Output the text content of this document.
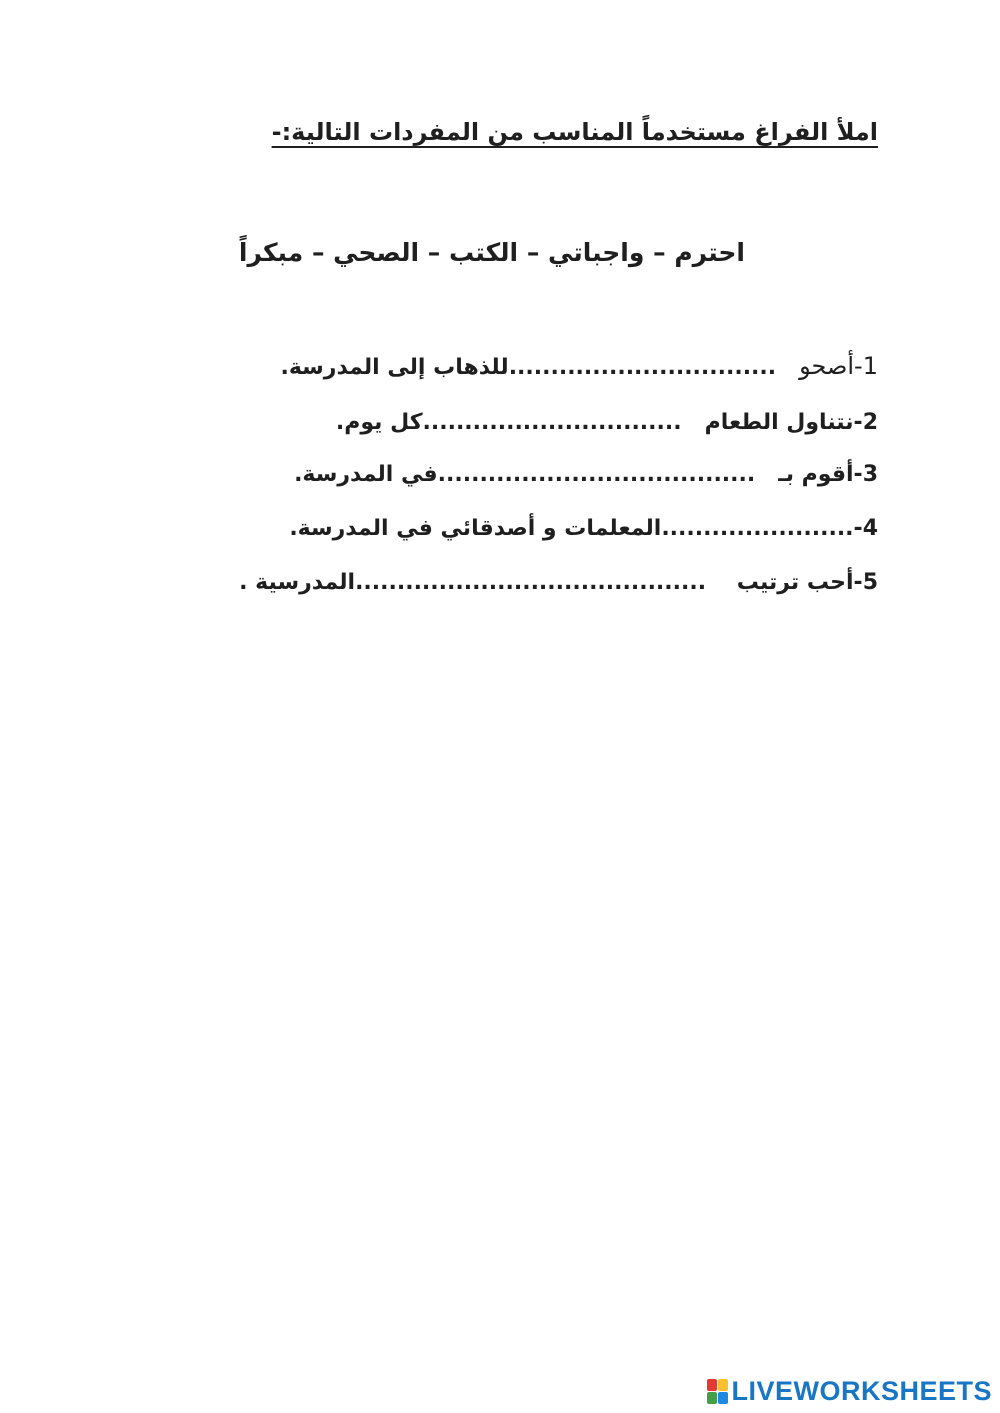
املأ الفراغ مستخدماً المناسب من المفردات التالية:-
احترم – واجباتي – الكتب – الصحي – مبكراً
1-أصحو   ................................للذهاب إلى المدرسة.
2-نتناول الطعام   ...............................كل يوم.
3-أقوم بـ   ......................................في المدرسة.
4-.......................المعلمات و أصدقائي في المدرسة.
5-أحب ترتيب    ..........................................المدرسية .
LIVEWORKSHEETS
